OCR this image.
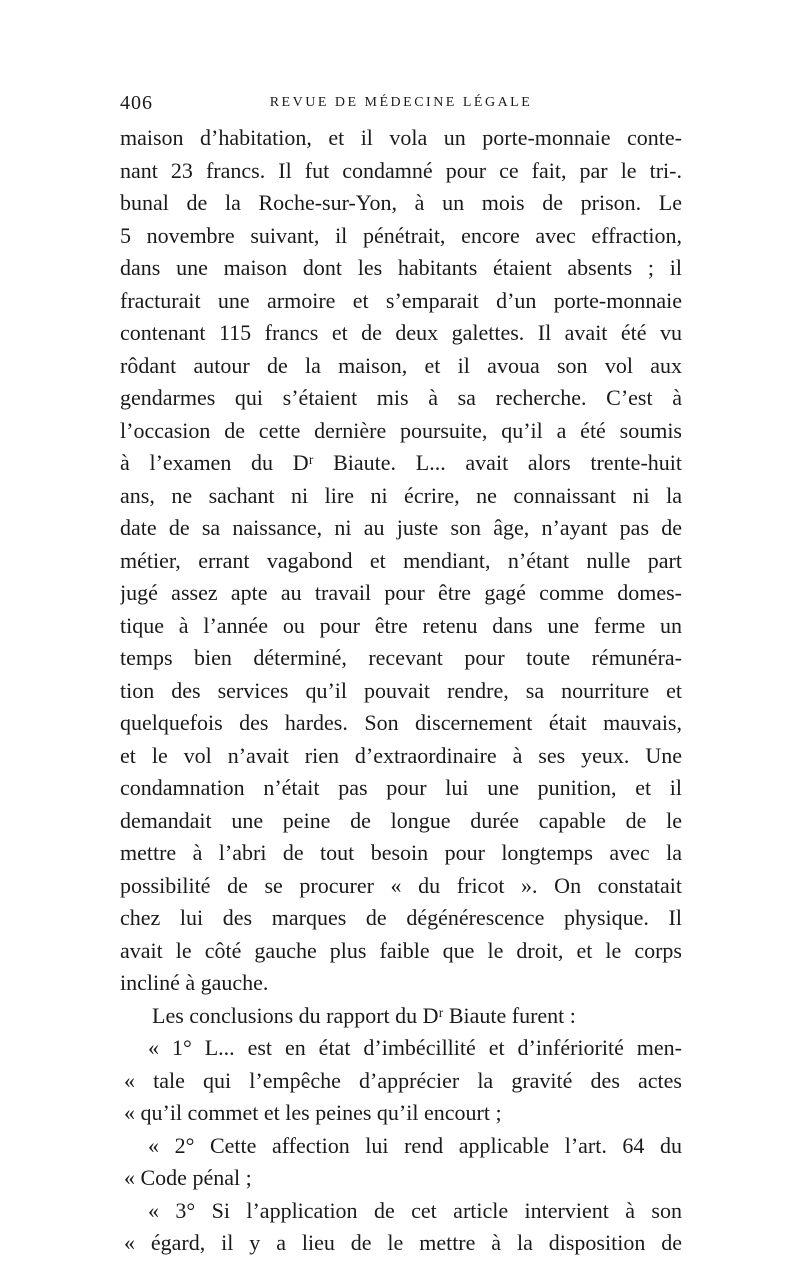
406	REVUE DE MÉDECINE LÉGALE
maison d’habitation, et il vola un porte-monnaie conte-
nant 23 francs. Il fut condamné pour ce fait, par le tri-.
bunal de la Roche-sur-Yon, à un mois de prison. Le
5 novembre suivant, il pénétrait, encore avec effraction,
dans une maison dont les habitants étaient absents ; il
fracturait une armoire et s’emparait d’un porte-monnaie
contenant 115 francs et de deux galettes. Il avait été vu
rôdant autour de la maison, et il avoua son vol aux
gendarmes qui s’étaient mis à sa recherche. C’est à
l’occasion de cette dernière poursuite, qu’il a été soumis
à l’examen du Dʳ Biaute. L... avait alors trente-huit
ans, ne sachant ni lire ni écrire, ne connaissant ni la
date de sa naissance, ni au juste son âge, n’ayant pas de
métier, errant vagabond et mendiant, n’étant nulle part
jugé assez apte au travail pour être gagé comme domes-
tique à l’année ou pour être retenu dans une ferme un
temps bien déterminé, recevant pour toute rémunéra-
tion des services qu’il pouvait rendre, sa nourriture et
quelquefois des hardes. Son discernement était mauvais,
et le vol n’avait rien d’extraordinaire à ses yeux. Une
condamnation n’était pas pour lui une punition, et il
demandait une peine de longue durée capable de le
mettre à l’abri de tout besoin pour longtemps avec la
possibilité de se procurer « du fricot ». On constatait
chez lui des marques de dégénérescence physique. Il
avait le côté gauche plus faible que le droit, et le corps
incliné à gauche.
Les conclusions du rapport du Dʳ Biaute furent :
« 1° L... est en état d’imbécillité et d’infériorité men-
« tale qui l’empêche d’apprécier la gravité des actes
« qu’il commet et les peines qu’il encourt ;
« 2° Cette affection lui rend applicable l’art. 64 du
« Code pénal ;
« 3° Si l’application de cet article intervient à son
« égard, il y a lieu de le mettre à la disposition de
